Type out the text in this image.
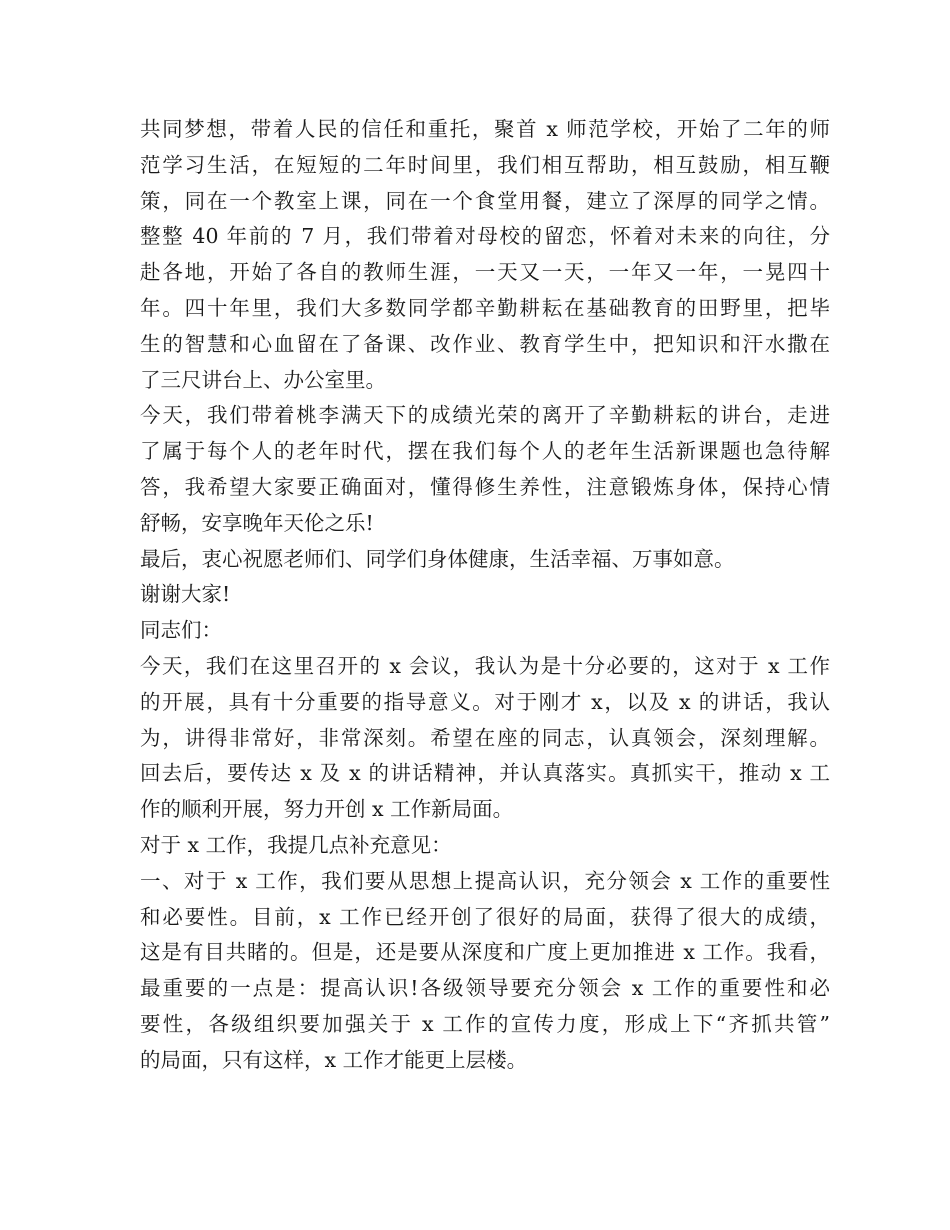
共同梦想，带着人民的信任和重托，聚首 x 师范学校，开始了二年的师
范学习生活，在短短的二年时间里，我们相互帮助，相互鼓励，相互鞭
策，同在一个教室上课，同在一个食堂用餐，建立了深厚的同学之情。
整整 40 年前的 7 月，我们带着对母校的留恋，怀着对未来的向往，分
赴各地，开始了各自的教师生涯，一天又一天，一年又一年，一晃四十
年。四十年里，我们大多数同学都辛勤耕耘在基础教育的田野里，把毕
生的智慧和心血留在了备课、改作业、教育学生中，把知识和汗水撒在
了三尺讲台上、办公室里。
今天，我们带着桃李满天下的成绩光荣的离开了辛勤耕耘的讲台，走进
了属于每个人的老年时代，摆在我们每个人的老年生活新课题也急待解
答，我希望大家要正确面对，懂得修生养性，注意锻炼身体，保持心情
舒畅，安享晚年天伦之乐!
最后，衷心祝愿老师们、同学们身体健康，生活幸福、万事如意。
谢谢大家!
同志们：
今天，我们在这里召开的 x 会议，我认为是十分必要的，这对于 x 工作
的开展，具有十分重要的指导意义。对于刚才 x，以及 x 的讲话，我认
为，讲得非常好，非常深刻。希望在座的同志，认真领会，深刻理解。
回去后，要传达 x 及 x 的讲话精神，并认真落实。真抓实干，推动 x 工
作的顺利开展，努力开创 x 工作新局面。
对于 x 工作，我提几点补充意见：
一、对于 x 工作，我们要从思想上提高认识，充分领会 x 工作的重要性
和必要性。目前，x 工作已经开创了很好的局面，获得了很大的成绩，
这是有目共睹的。但是，还是要从深度和广度上更加推进 x 工作。我看，
最重要的一点是：提高认识!各级领导要充分领会 x 工作的重要性和必
要性，各级组织要加强关于 x 工作的宣传力度，形成上下“齐抓共管”
的局面，只有这样，x 工作才能更上层楼。
